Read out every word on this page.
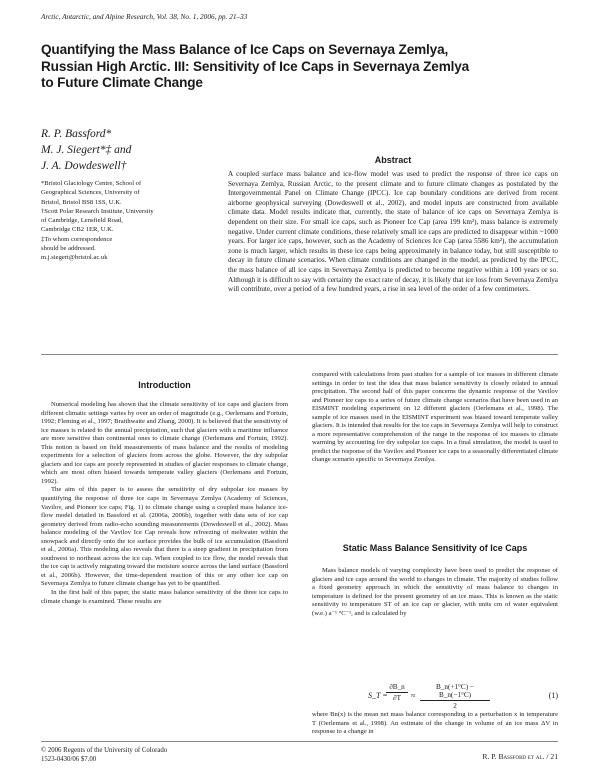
Arctic, Antarctic, and Alpine Research, Vol. 38, No. 1, 2006, pp. 21–33
Quantifying the Mass Balance of Ice Caps on Severnaya Zemlya, Russian High Arctic. III: Sensitivity of Ice Caps in Severnaya Zemlya to Future Climate Change
R. P. Bassford*
M. J. Siegert*‡ and
J. A. Dowdeswell†
*Bristol Glaciology Centre, School of
Geographical Sciences, University of
Bristol, Bristol BS8 1SS, U.K.
†Scott Polar Research Institute, University
of Cambridge, Lensfield Road,
Cambridge CB2 1ER, U.K.
‡To whom correspondence
should be addressed.
m.j.siegert@bristol.ac.uk
Abstract

A coupled surface mass balance and ice-flow model was used to predict the response of three ice caps on Severnaya Zemlya, Russian Arctic, to the present climate and to future climate changes as postulated by the Intergovernmental Panel on Climate Change (IPCC). Ice cap boundary conditions are derived from recent airborne geophysical surveying (Dowdeswell et al., 2002), and model inputs are constructed from available climate data. Model results indicate that, currently, the state of balance of ice caps on Severnaya Zemlya is dependent on their size. For small ice caps, such as Pioneer Ice Cap (area 199 km²), mass balance is extremely negative. Under current climate conditions, these relatively small ice caps are predicted to disappear within ~1000 years. For larger ice caps, however, such as the Academy of Sciences Ice Cap (area 5586 km²), the accumulation zone is much larger, which results in these ice caps being approximately in balance today, but still susceptible to decay in future climate scenarios. When climate conditions are changed in the model, as predicted by the IPCC, the mass balance of all ice caps in Severnaya Zemlya is predicted to become negative within a 100 years or so. Although it is difficult to say with certainty the exact rate of decay, it is likely that ice loss from Severnaya Zemlya will contribute, over a period of a few hundred years, a rise in sea level of the order of a few centimeters.

Introduction

Numerical modeling has shown that the climate sensitivity of ice caps and glaciers from different climatic settings varies by over an order of magnitude (e.g., Oerlemans and Fortuin, 1992; Fleming et al., 1997; Braithwaite and Zhang, 2000). It is believed that the sensitivity of ice masses is related to the annual precipitation, such that glaciers with a maritime influence are more sensitive than continental ones to climate change (Oerlemans and Fortuin, 1992). This notion is based on field measurements of mass balance and the results of modeling experiments for a selection of glaciers from across the globe. However, the dry subpolar glaciers and ice caps are poorly represented in studies of glacier responses to climate change, which are most often biased towards temperate valley glaciers (Oerlemans and Fortuin, 1992).

The aim of this paper is to assess the sensitivity of dry subpolar ice masses by quantifying the response of three ice caps in Severnaya Zemlya (Academy of Sciences, Vavilov, and Pioneer ice caps; Fig. 1) to climate change using a coupled mass balance ice-flow model detailed in Bassford et al. (2006a, 2006b), together with data sets of ice cap geometry derived from radio-echo sounding measurements (Dowdeswell et al., 2002). Mass balance modeling of the Vavilov Ice Cap reveals how refreezing of meltwater within the snowpack and directly onto the ice surface provides the bulk of ice accumulation (Bassford et al., 2006a). This modeling also reveals that there is a steep gradient in precipitation from southwest to northeast across the ice cap. When coupled to ice flow, the model reveals that the ice cap is actively migrating toward the moisture source across the land surface (Bassford et al., 2006b). However, the time-dependent reaction of this or any other ice cap on Severnaya Zemlya to future climate change has yet to be quantified.

In the first half of this paper, the static mass balance sensitivity of the three ice caps to climate change is examined. These results are

compared with calculations from past studies for a sample of ice masses in different climate settings in order to test the idea that mass balance sensitivity is closely related to annual precipitation. The second half of this paper concerns the dynamic response of the Vavilov and Pioneer ice caps to a series of future climate change scenarios that have been used in an EISMINT modeling experiment on 12 different glaciers (Oerlemans et al., 1998). The sample of ice masses used in the EISMINT experiment was biased toward temperate valley glaciers. It is intended that results for the ice caps in Severnaya Zemlya will help to construct a more representative comprehension of the range in the response of ice masses to climate warming by accounting for dry subpolar ice caps. In a final simulation, the model is used to predict the response of the Vavilov and Pioneer ice caps to a seasonally differentiated climate change scenario specific to Severnaya Zemlya.

Static Mass Balance Sensitivity of Ice Caps

Mass balance models of varying complexity have been used to predict the response of glaciers and ice caps around the world to changes in climate. The majority of studies follow a fixed geometry approach in which the sensitivity of mass balance to changes in temperature is defined for the present geometry of an ice mass. This is known as the static sensitivity to temperature ST of an ice cap or glacier, with units cm of water equivalent (w.e.) a⁻¹ °C⁻¹, and is calculated by

S_T =
∂B_n
∂T	≈
B_n(+1°C) − B_n(−1°C)
2
(1)

where Bn(x) is the mean net mass balance corresponding to a perturbation x in temperature T (Oerlemans et al., 1998). An estimate of the change in volume of an ice mass ΔV in response to a change in

© 2006 Regents of the University of Colorado
1523-0430/06 $7.00	R. P. Bassford et al. / 21
